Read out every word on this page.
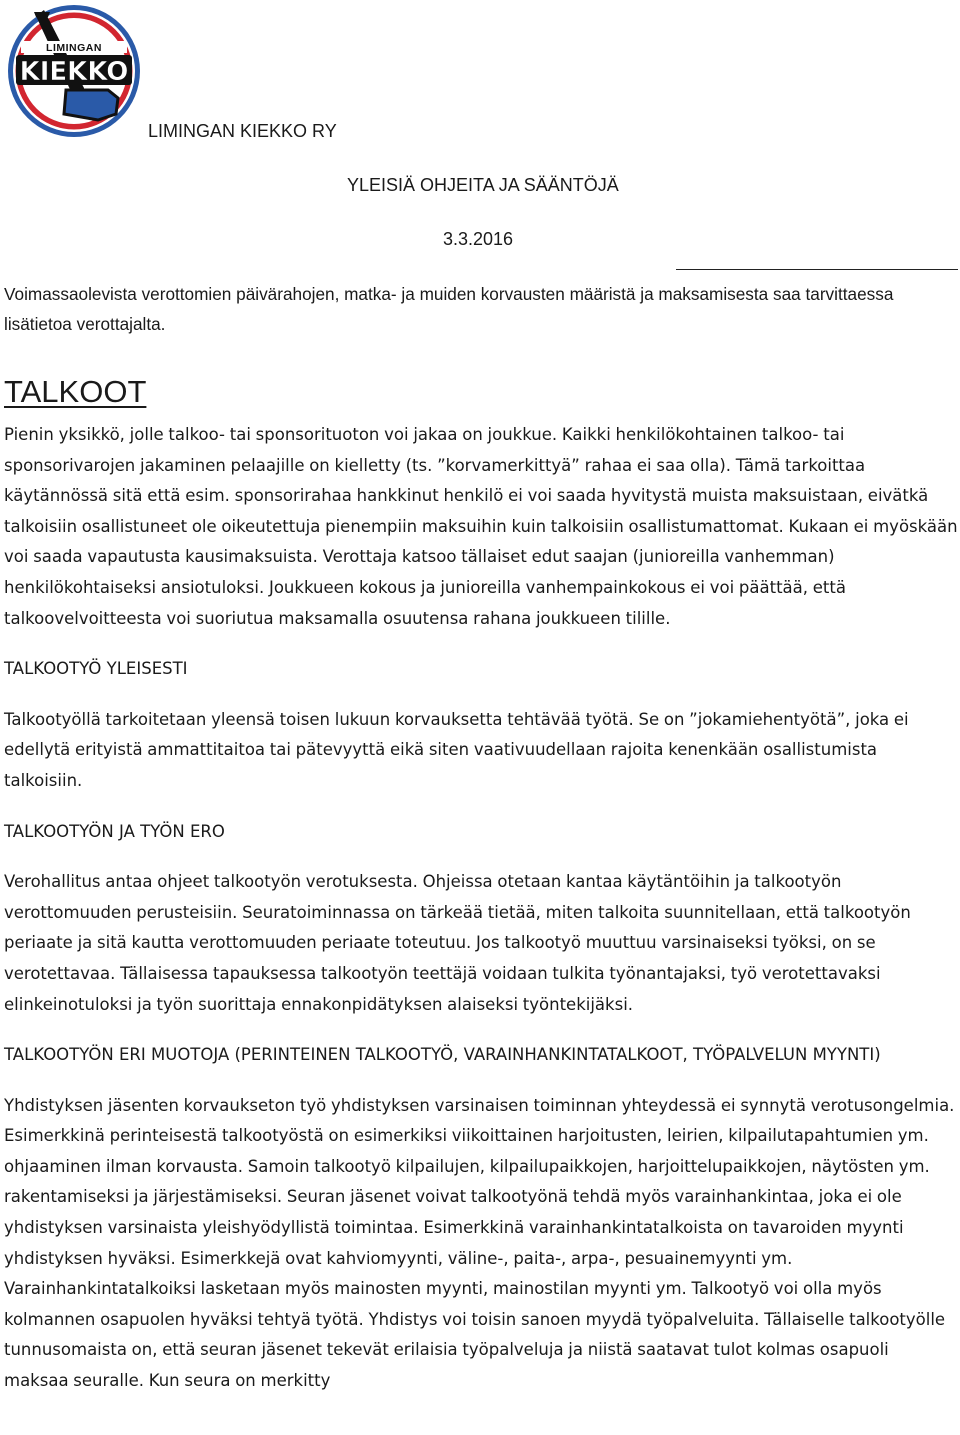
LIMINGAN
KIEKKO
LIMINGAN KIEKKO RY
YLEISIÄ OHJEITA JA SÄÄNTÖJÄ
3.3.2016

Voimassaolevista verottomien päivärahojen, matka- ja muiden korvausten määristä ja maksamisesta saa tarvittaessa lisätietoa verottajalta.

TALKOOT

Pienin yksikkö, jolle talkoo- tai sponsorituoton voi jakaa on joukkue. Kaikki henkilökohtainen talkoo- tai sponsorivarojen jakaminen pelaajille on kielletty (ts. ”korvamerkittyä” rahaa ei saa olla). Tämä tarkoittaa käytännössä sitä että esim. sponsorirahaa hankkinut henkilö ei voi saada hyvitystä muista maksuistaan, eivätkä talkoisiin osallistuneet ole oikeutettuja pienempiin maksuihin kuin talkoisiin osallistumattomat. Kukaan ei myöskään voi saada vapautusta kausimaksuista. Verottaja katsoo tällaiset edut saajan (junioreilla vanhemman) henkilökohtaiseksi ansiotuloksi. Joukkueen kokous ja junioreilla vanhempainkokous ei voi päättää, että talkoovelvoitteesta voi suoriutua maksamalla osuutensa rahana joukkueen tilille.

TALKOOTYÖ YLEISESTI

Talkootyöllä tarkoitetaan yleensä toisen lukuun korvauksetta tehtävää työtä. Se on ”jokamiehentyötä”, joka ei edellytä erityistä ammattitaitoa tai pätevyyttä eikä siten vaativuudellaan rajoita kenenkään osallistumista talkoisiin.

TALKOOTYÖN JA TYÖN ERO

Verohallitus antaa ohjeet talkootyön verotuksesta. Ohjeissa otetaan kantaa käytäntöihin ja talkootyön verottomuuden perusteisiin. Seuratoiminnassa on tärkeää tietää, miten talkoita suunnitellaan, että talkootyön periaate ja sitä kautta verottomuuden periaate toteutuu. Jos talkootyö muuttuu varsinaiseksi työksi, on se verotettavaa. Tällaisessa tapauksessa talkootyön teettäjä voidaan tulkita työnantajaksi, työ verotettavaksi elinkeinotuloksi ja työn suorittaja ennakonpidätyksen alaiseksi työntekijäksi.

TALKOOTYÖN ERI MUOTOJA (PERINTEINEN TALKOOTYÖ, VARAINHANKINTATALKOOT, TYÖPALVELUN MYYNTI)

Yhdistyksen jäsenten korvaukseton työ yhdistyksen varsinaisen toiminnan yhteydessä ei synnytä verotusongelmia. Esimerkkinä perinteisestä talkootyöstä on esimerkiksi viikoittainen harjoitusten, leirien, kilpailutapahtumien ym. ohjaaminen ilman korvausta. Samoin talkootyö kilpailujen, kilpailupaikkojen, harjoittelupaikkojen, näytösten ym. rakentamiseksi ja järjestämiseksi. Seuran jäsenet voivat talkootyönä tehdä myös varainhankintaa, joka ei ole yhdistyksen varsinaista yleishyödyllistä toimintaa. Esimerkkinä varainhankintatalkoista on tavaroiden myynti yhdistyksen hyväksi. Esimerkkejä ovat kahviomyynti, väline-, paita-, arpa-, pesuainemyynti ym. Varainhankintatalkoiksi lasketaan myös mainosten myynti, mainostilan myynti ym. Talkootyö voi olla myös kolmannen osapuolen hyväksi tehtyä työtä. Yhdistys voi toisin sanoen myydä työpalveluita. Tällaiselle talkootyölle tunnusomaista on, että seuran jäsenet tekevät erilaisia työpalveluja ja niistä saatavat tulot kolmas osapuoli maksaa seuralle. Kun seura on merkitty
